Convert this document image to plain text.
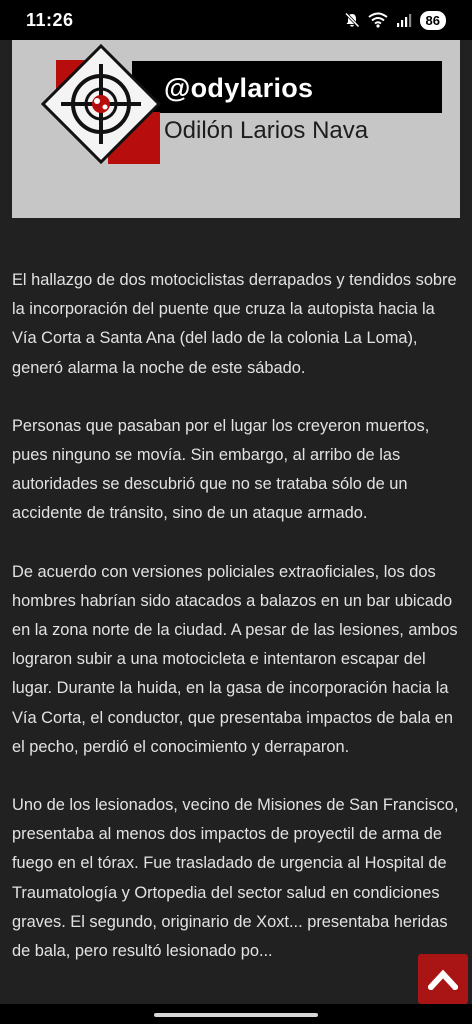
11:26	86
@odylarios
Odilón Larios Nava

El hallazgo de dos motociclistas derrapados y tendidos sobre la incorporación del puente que cruza la autopista hacia la Vía Corta a Santa Ana (del lado de la colonia La Loma), generó alarma la noche de este sábado.

Personas que pasaban por el lugar los creyeron muertos, pues ninguno se movía. Sin embargo, al arribo de las autoridades se descubrió que no se trataba sólo de un accidente de tránsito, sino de un ataque armado.

De acuerdo con versiones policiales extraoficiales, los dos hombres habrían sido atacados a balazos en un bar ubicado en la zona norte de la ciudad. A pesar de las lesiones, ambos lograron subir a una motocicleta e intentaron escapar del lugar. Durante la huida, en la gasa de incorporación hacia la Vía Corta, el conductor, que presentaba impactos de bala en el pecho, perdió el conocimiento y derraparon.

Uno de los lesionados, vecino de Misiones de San Francisco, presentaba al menos dos impactos de proyectil de arma de fuego en el tórax. Fue trasladado de urgencia al Hospital de Traumatología y Ortopedia del sector salud en condiciones graves. El segundo, originario de Xoxt... presentaba heridas de bala, pero resultó lesionado po...
